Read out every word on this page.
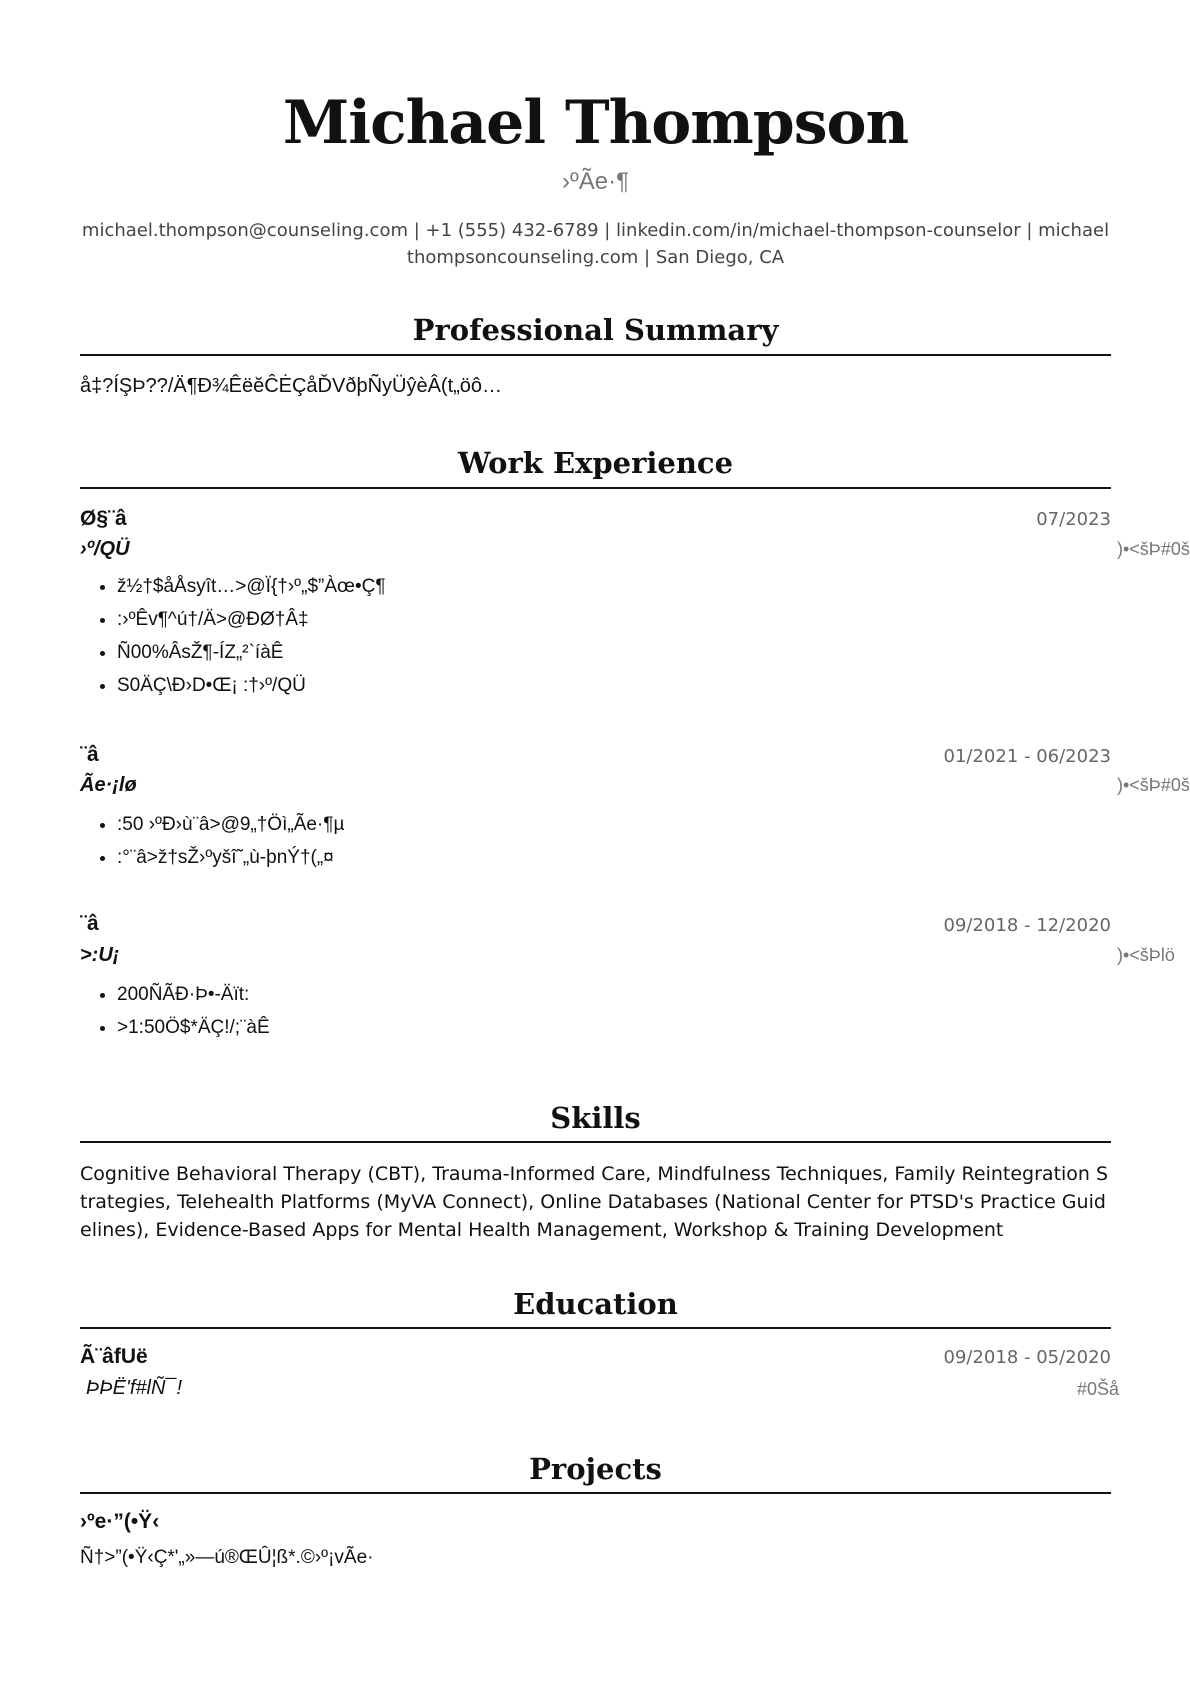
Michael Thompson
›ºÃe·¶
michael.thompson@counseling.com | +1 (555) 432-6789 | linkedin.com/in/michael-thompson-counselor | michaelthompsoncounseling.com | San Diego, CA
Professional Summary
å‡?ÍŞÞ??/Ä¶Ð¾ÊëĕĈĖÇåĎVðþÑyÜŷèÂ(t„öô…
Work Experience
Ø§¨â	07/2023
›º/QÜ	)•<šÞ#0š
• ž½†$åÅsyît…>@Ï{†›º„$”Àœ•Ç¶
• :›ºÊv¶^ú†/Ä>@ÐØ†Â‡
• Ñ00%ÂsŽ¶-ÍZ„²`íàÊ
• S0ÄÇ\Ð›D•Œ¡ :†›º/QÜ
¨â	01/2021 - 06/2023
Ãe·¡lø	)•<šÞ#0š
• :50 ›ºÐ›ù¨â>@9„†Öì„Ãe·¶µ
• :°¨â>ž†sŽ›ºyšî˜„ù-þnÝ†(„¤
¨â	09/2018 - 12/2020
>:U¡	)•<šÞlö
• 200ÑÃÐ·Þ•-Äït:
• >1:50Ö$*ÄÇ!/;¨àÊ
Skills
Cognitive Behavioral Therapy (CBT), Trauma-Informed Care, Mindfulness Techniques, Family Reintegration Strategies, Telehealth Platforms (MyVA Connect), Online Databases (National Center for PTSD's Practice Guidelines), Evidence-Based Apps for Mental Health Management, Workshop & Training Development
Education
Ã¨âfUë	09/2018 - 05/2020
ÞÞË'f#lÑ¯!	#0Šå
Projects
›ºe·”(•Ÿ‹
Ñ†>”(•Ÿ‹Ç*'„»—ú®ŒÛ¦ß*.©›º¡vÃe·
